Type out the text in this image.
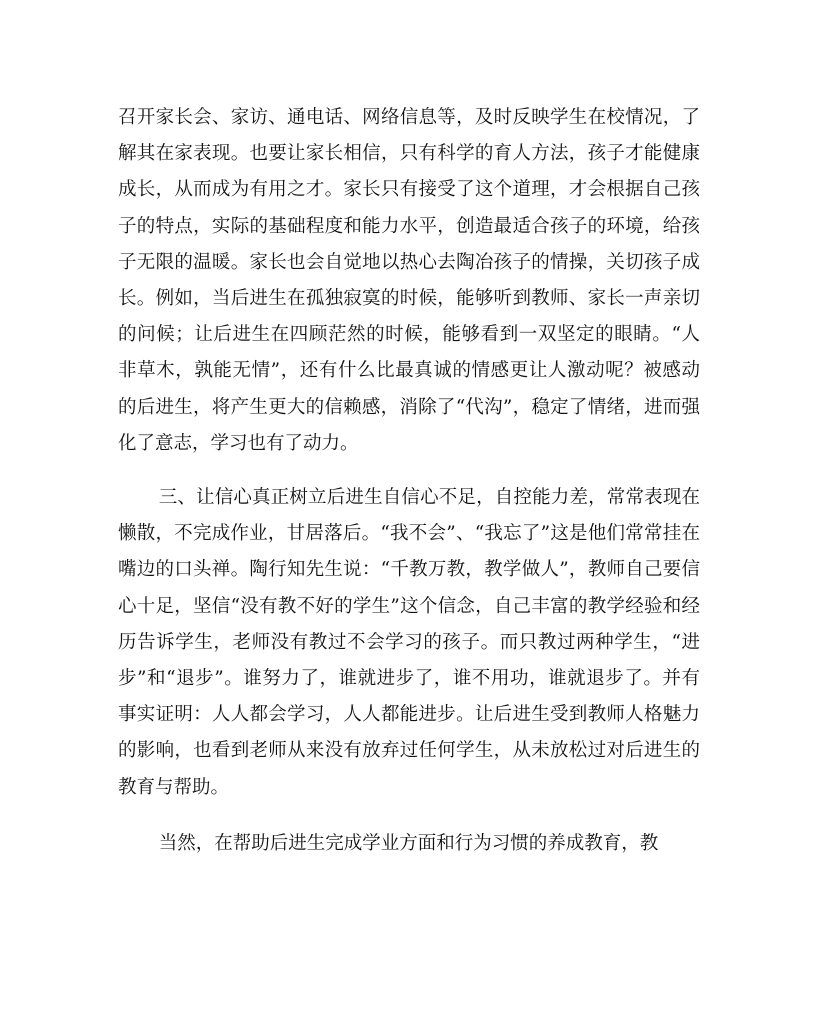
召开家长会、家访、通电话、网络信息等，及时反映学生在校情况，了解其在家表现。也要让家长相信，只有科学的育人方法，孩子才能健康成长，从而成为有用之才。家长只有接受了这个道理，才会根据自己孩子的特点，实际的基础程度和能力水平，创造最适合孩子的环境，给孩子无限的温暖。家长也会自觉地以热心去陶冶孩子的情操，关切孩子成长。例如，当后进生在孤独寂寞的时候，能够听到教师、家长一声亲切的问候；让后进生在四顾茫然的时候，能够看到一双坚定的眼睛。“人非草木，孰能无情”，还有什么比最真诚的情感更让人激动呢？被感动的后进生，将产生更大的信赖感，消除了“代沟”，稳定了情绪，进而强化了意志，学习也有了动力。

三、让信心真正树立后进生自信心不足，自控能力差，常常表现在懒散，不完成作业，甘居落后。“我不会”、“我忘了”这是他们常常挂在嘴边的口头禅。陶行知先生说：“千教万教，教学做人”，教师自己要信心十足，坚信“没有教不好的学生”这个信念，自己丰富的教学经验和经历告诉学生，老师没有教过不会学习的孩子。而只教过两种学生，“进步”和“退步”。谁努力了，谁就进步了，谁不用功，谁就退步了。并有事实证明：人人都会学习，人人都能进步。让后进生受到教师人格魅力的影响，也看到老师从来没有放弃过任何学生，从未放松过对后进生的教育与帮助。

当然，在帮助后进生完成学业方面和行为习惯的养成教育，教
